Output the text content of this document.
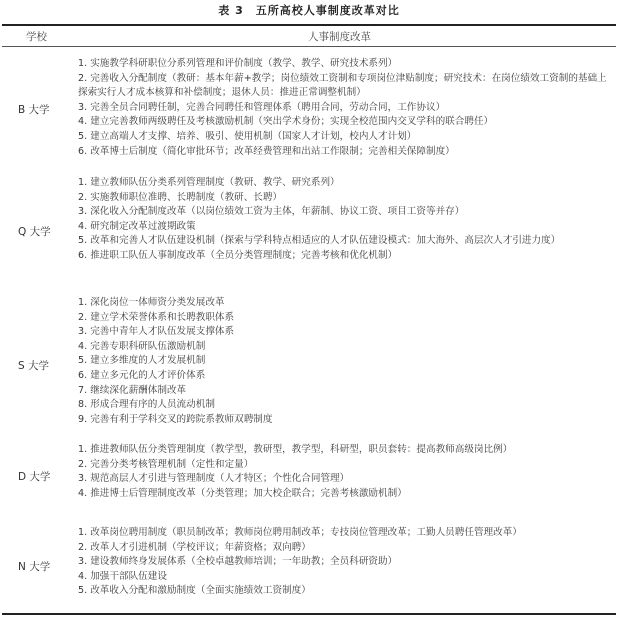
表 3 五所高校人事制度改革对比
学校	人事制度改革
B 大学
1. 实施教学科研职位分系列管理和评价制度（教学、教学、研究技术系列）
2. 完善收入分配制度（教研：基本年薪+教学；岗位绩效工资制和专项岗位津贴制度；研究技术：在岗位绩效工资制的基础上探索实行人才成本核算和补偿制度；退休人员：推进正常调整机制）
3. 完善全员合同聘任制，完善合同聘任和管理体系（聘用合同，劳动合同，工作协议）
4. 建立完善教师两级聘任及考核激励机制（突出学术身份；实现全校范围内交叉学科的联合聘任）
5. 建立高端人才支撑、培养、吸引、使用机制（国家人才计划，校内人才计划）
6. 改革博士后制度（简化审批环节；改革经费管理和出站工作限制；完善相关保障制度）
Q 大学
1. 建立教师队伍分类系列管理制度（教研、教学、研究系列）
2. 实施教师职位准聘、长聘制度（教研、长聘）
3. 深化收入分配制度改革（以岗位绩效工资为主体，年薪制、协议工资、项目工资等并存）
4. 研究制定改革过渡期政策
5. 改革和完善人才队伍建设机制（探索与学科特点相适应的人才队伍建设模式：加大海外、高层次人才引进力度）
6. 推进职工队伍人事制度改革（全员分类管理制度；完善考核和优化机制）
S 大学
1. 深化岗位一体师资分类发展改革
2. 建立学术荣誉体系和长聘教职体系
3. 完善中青年人才队伍发展支撑体系
4. 完善专职科研队伍激励机制
5. 建立多维度的人才发展机制
6. 建立多元化的人才评价体系
7. 继续深化薪酬体制改革
8. 形成合理有序的人员流动机制
9. 完善有利于学科交叉的跨院系教师双聘制度
D 大学
1. 推进教师队伍分类管理制度（教学型，教研型，教学型，科研型，职员套转：提高教师高级岗比例）
2. 完善分类考核管理机制（定性和定量）
3. 规范高层人才引进与管理制度（人才特区；个性化合同管理）
4. 推进博士后管理制度改革（分类管理；加大校企联合；完善考核激励机制）
N 大学
1. 改革岗位聘用制度（职员制改革；教师岗位聘用制改革；专技岗位管理改革；工勤人员聘任管理改革）
2. 改革人才引进机制（学校评议；年薪资格；双向聘）
3. 建设教师终身发展体系（全校卓越教师培训；一年助教；全员科研资助）
4. 加强干部队伍建设
5. 改革收入分配和激励制度（全面实施绩效工资制度）
